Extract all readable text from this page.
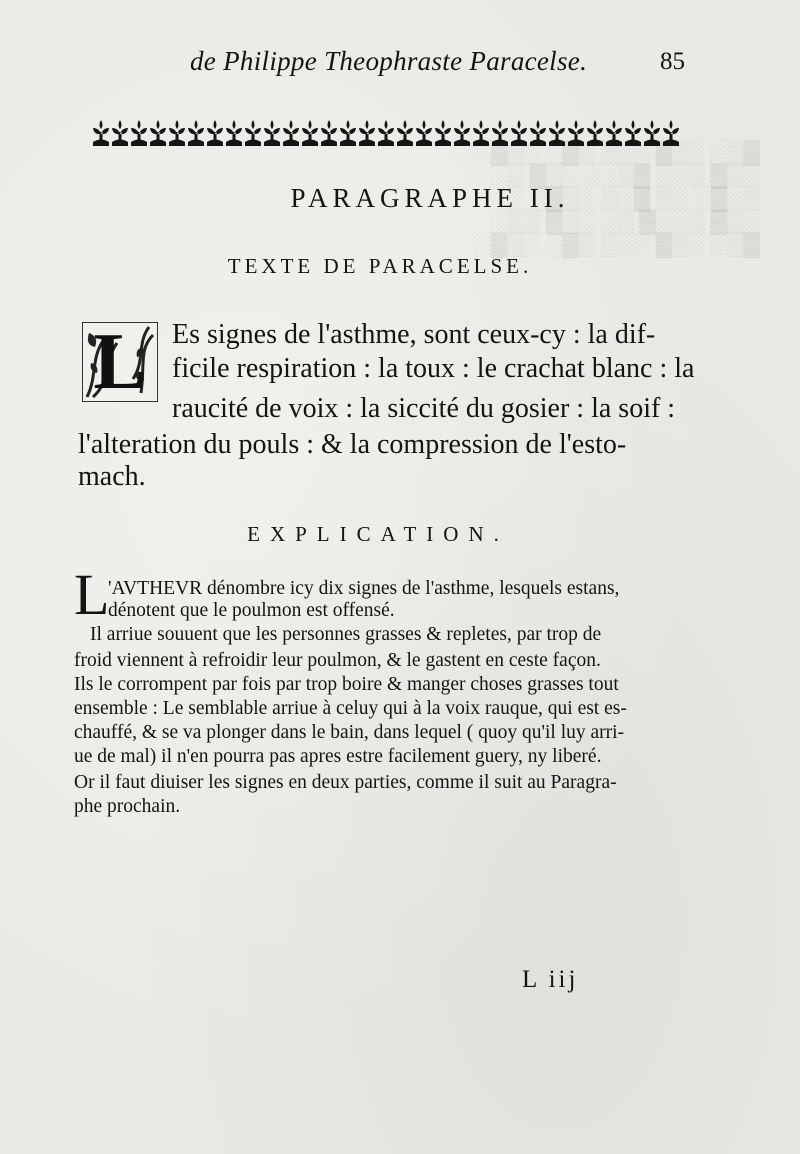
▓▒░ ░▒▓ ░░▒ ▒▓░ ░▒▓░
░▒▓ ▒░░ ▓▒░░ ░▒▓ ▒░
▒░▓░ ░▒ ▓░▒ ░▒▓░ ░
░▒▓ ▒░░▓ ▒░ ░▒▓ ▒▒░
▓▒░ ░▒▓ ░░▒ ▒▓░ ░▒▓░
de Philippe Theophraste Paracelse.	85
PARAGRAPHE II.
TEXTE DE PARACELSE.
L Es signes de l'asthme, sont ceux-cy : la dif-
ficile respiration : la toux : le crachat blanc : la
raucité de voix : la siccité du gosier : la soif :
l'alteration du pouls : & la compression de l'esto-
mach.
EXPLICATION.
L
'AVTHEVR dénombre icy dix signes de l'asthme, lesquels estans,
dénotent que le poulmon est offensé.
Il arriue souuent que les personnes grasses & repletes, par trop de
froid viennent à refroidir leur poulmon, & le gastent en ceste façon.
Ils le corrompent par fois par trop boire & manger choses grasses tout
ensemble : Le semblable arriue à celuy qui à la voix rauque, qui est es-
chauffé, & se va plonger dans le bain, dans lequel ( quoy qu'il luy arri-
ue de mal) il n'en pourra pas apres estre facilement guery, ny liberé.
Or il faut diuiser les signes en deux parties, comme il suit au Paragra-
phe prochain.
L iij
